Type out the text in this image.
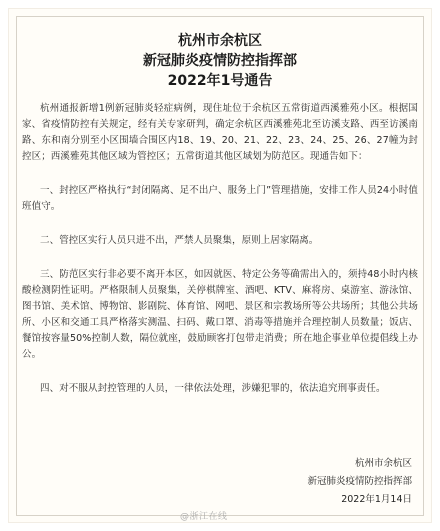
杭州市余杭区
新冠肺炎疫情防控指挥部
2022年1号通告

杭州通报新增1例新冠肺炎轻症病例，现住址位于余杭区五常街道西溪雅苑小区。根据国家、省疫情防控有关规定，经有关专家研判，确定余杭区西溪雅苑北至访溪支路、西至访溪南路、东和南分别至小区围墙合围区内18、19、20、21、22、23、24、25、26、27幢为封控区；西溪雅苑其他区域为管控区；五常街道其他区域划为防范区。现通告如下：

一、封控区严格执行“封闭隔离、足不出户、服务上门”管理措施，安排工作人员24小时值班值守。

二、管控区实行人员只进不出，严禁人员聚集，原则上居家隔离。

三、防范区实行非必要不离开本区，如因就医、特定公务等确需出入的，须持48小时内核酸检测阴性证明。严格限制人员聚集，关停棋牌室、酒吧、KTV、麻将房、桌游室、游泳馆、图书馆、美术馆、博物馆、影剧院、体育馆、网吧、景区和宗教场所等公共场所；其他公共场所、小区和交通工具严格落实测温、扫码、戴口罩、消毒等措施并合理控制人员数量；饭店、餐馆按容量50%控制人数，隔位就座，鼓励顾客打包带走消费；所在地企事业单位提倡线上办公。

四、对不服从封控管理的人员，一律依法处理，涉嫌犯罪的，依法追究刑事责任。

杭州市余杭区
新冠肺炎疫情防控指挥部
2022年1月14日
@浙江在线
